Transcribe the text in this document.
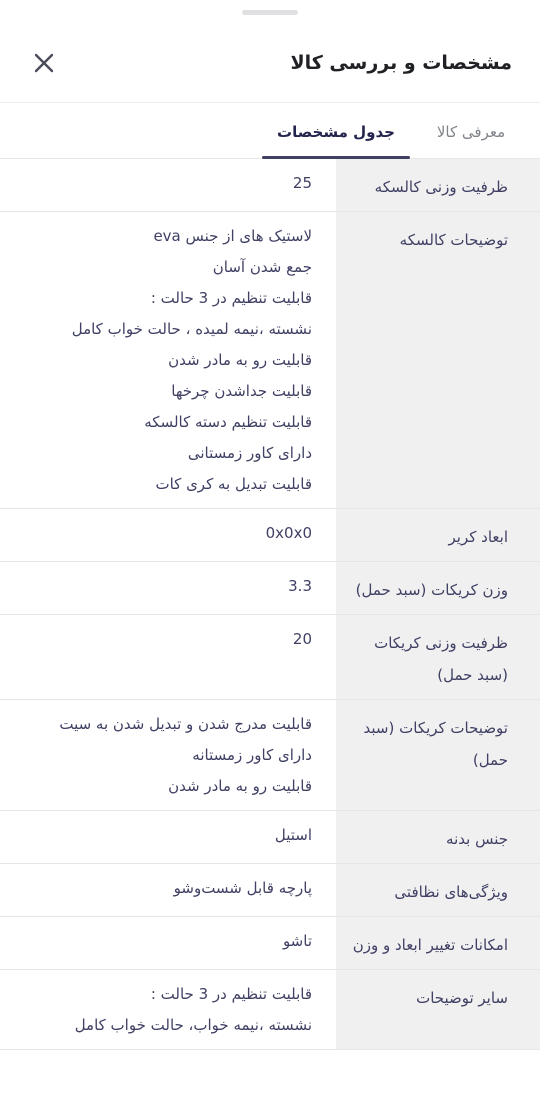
مشخصات و بررسی کالا
معرفی کالا
جدول مشخصات
ظرفیت وزنی کالسکه
25
توضیحات کالسکه
لاستیک های از جنس eva
جمع شدن آسان
قابلیت تنظیم در 3 حالت :
نشسته ،نیمه لمیده ، حالت خواب کامل
قابلیت رو به مادر شدن
قابلیت جداشدن چرخها
قابلیت تنظیم دسته کالسکه
دارای کاور زمستانی
قابلیت تبدیل به کری کات
ابعاد کریر
0x0x0
وزن کریکات (سبد حمل)
3.3
ظرفیت وزنی کریکات (سبد حمل)
20
توضیحات کریکات (سبد حمل)
قابلیت مدرج شدن و تبدیل شدن به سیت
دارای کاور زمستانه
قابلیت رو به مادر شدن
جنس بدنه
استیل
ویژگی‌های نظافتی
پارچه قابل شست‌وشو
امکانات تغییر ابعاد و وزن
تاشو
سایر توضیحات
قابلیت تنظیم در 3 حالت :
نشسته ،نیمه خواب، حالت خواب کامل
